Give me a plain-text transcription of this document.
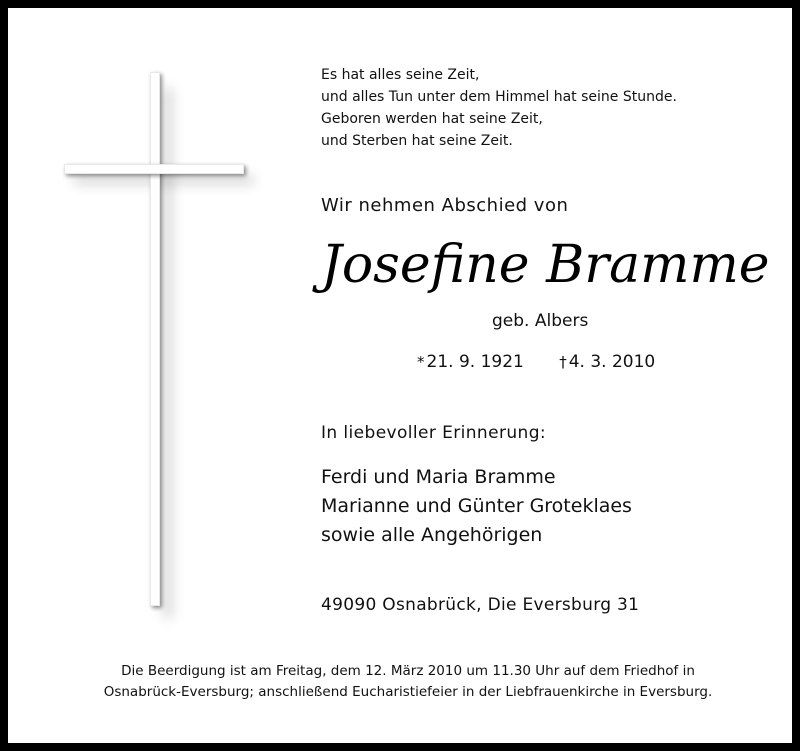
Es hat alles seine Zeit,
und alles Tun unter dem Himmel hat seine Stunde.
Geboren werden hat seine Zeit,
und Sterben hat seine Zeit.
Wir nehmen Abschied von
Josefine Bramme
geb. Albers
* 21. 9. 1921 † 4. 3. 2010
In liebevoller Erinnerung:
Ferdi und Maria Bramme
Marianne und Günter Groteklaes
sowie alle Angehörigen
49090 Osnabrück, Die Eversburg 31
Die Beerdigung ist am Freitag, dem 12. März 2010 um 11.30 Uhr auf dem Friedhof in
Osnabrück-Eversburg; anschließend Eucharistiefeier in der Liebfrauenkirche in Eversburg.
